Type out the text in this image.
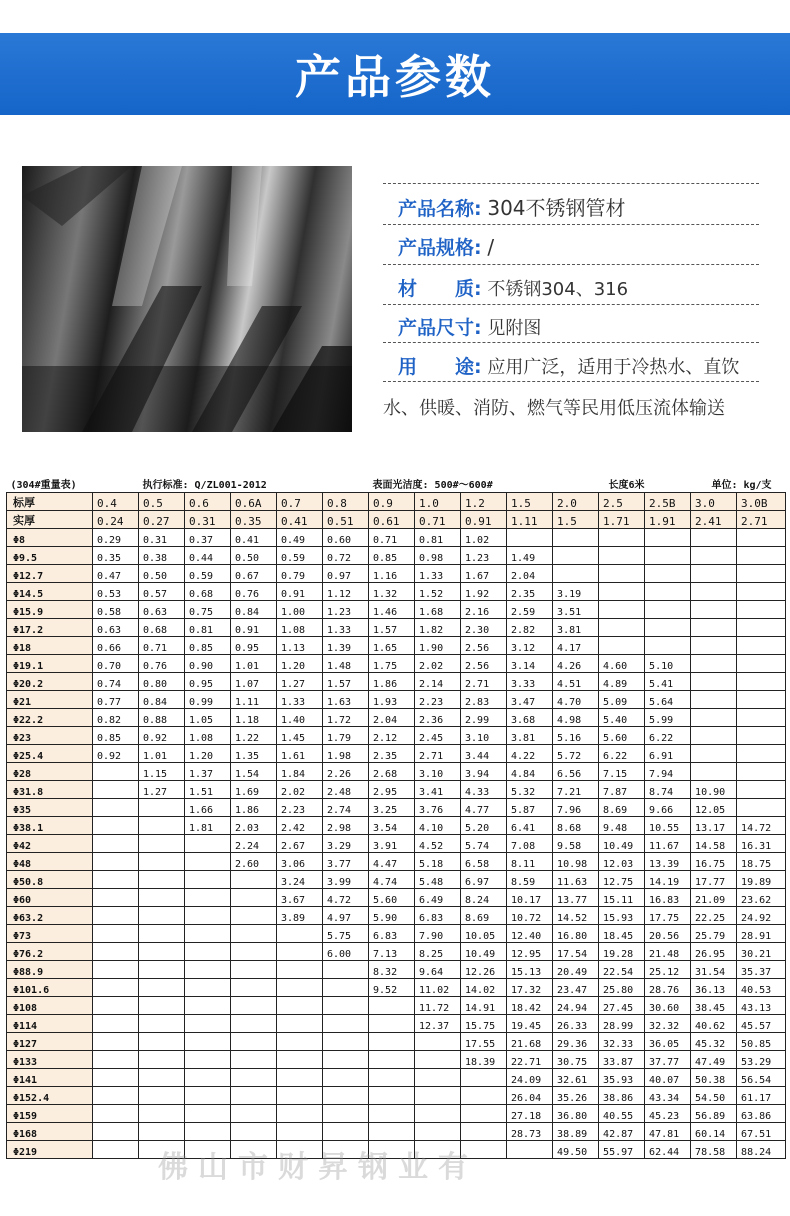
产品参数
产品名称: 304不锈钢管材
产品规格: /
材　　质: 不锈钢304、316
产品尺寸: 见附图
用　　途: 应用广泛，适用于冷热水、直饮
水、供暖、消防、燃气等民用低压流体输送
(304#重量表)		执行标准: Q/ZL001-2012					表面光洁度: 500#～600#				长度6米		单位: kg/支		
标厚	0.4	0.5	0.6	0.6A	0.7	0.8	0.9	1.0	1.2	1.5	2.0	2.5	2.5B	3.0	3.0B
实厚	0.24	0.27	0.31	0.35	0.41	0.51	0.61	0.71	0.91	1.11	1.5	1.71	1.91	2.41	2.71
Φ8	0.29	0.31	0.37	0.41	0.49	0.60	0.71	0.81	1.02						
Φ9.5	0.35	0.38	0.44	0.50	0.59	0.72	0.85	0.98	1.23	1.49					
Φ12.7	0.47	0.50	0.59	0.67	0.79	0.97	1.16	1.33	1.67	2.04					
Φ14.5	0.53	0.57	0.68	0.76	0.91	1.12	1.32	1.52	1.92	2.35	3.19				
Φ15.9	0.58	0.63	0.75	0.84	1.00	1.23	1.46	1.68	2.16	2.59	3.51				
Φ17.2	0.63	0.68	0.81	0.91	1.08	1.33	1.57	1.82	2.30	2.82	3.81				
Φ18	0.66	0.71	0.85	0.95	1.13	1.39	1.65	1.90	2.56	3.12	4.17				
Φ19.1	0.70	0.76	0.90	1.01	1.20	1.48	1.75	2.02	2.56	3.14	4.26	4.60	5.10		
Φ20.2	0.74	0.80	0.95	1.07	1.27	1.57	1.86	2.14	2.71	3.33	4.51	4.89	5.41		
Φ21	0.77	0.84	0.99	1.11	1.33	1.63	1.93	2.23	2.83	3.47	4.70	5.09	5.64		
Φ22.2	0.82	0.88	1.05	1.18	1.40	1.72	2.04	2.36	2.99	3.68	4.98	5.40	5.99		
Φ23	0.85	0.92	1.08	1.22	1.45	1.79	2.12	2.45	3.10	3.81	5.16	5.60	6.22		
Φ25.4	0.92	1.01	1.20	1.35	1.61	1.98	2.35	2.71	3.44	4.22	5.72	6.22	6.91		
Φ28		1.15	1.37	1.54	1.84	2.26	2.68	3.10	3.94	4.84	6.56	7.15	7.94		
Φ31.8		1.27	1.51	1.69	2.02	2.48	2.95	3.41	4.33	5.32	7.21	7.87	8.74	10.90	
Φ35			1.66	1.86	2.23	2.74	3.25	3.76	4.77	5.87	7.96	8.69	9.66	12.05	
Φ38.1			1.81	2.03	2.42	2.98	3.54	4.10	5.20	6.41	8.68	9.48	10.55	13.17	14.72
Φ42				2.24	2.67	3.29	3.91	4.52	5.74	7.08	9.58	10.49	11.67	14.58	16.31
Φ48				2.60	3.06	3.77	4.47	5.18	6.58	8.11	10.98	12.03	13.39	16.75	18.75
Φ50.8					3.24	3.99	4.74	5.48	6.97	8.59	11.63	12.75	14.19	17.77	19.89
Φ60					3.67	4.72	5.60	6.49	8.24	10.17	13.77	15.11	16.83	21.09	23.62
Φ63.2					3.89	4.97	5.90	6.83	8.69	10.72	14.52	15.93	17.75	22.25	24.92
Φ73						5.75	6.83	7.90	10.05	12.40	16.80	18.45	20.56	25.79	28.91
Φ76.2						6.00	7.13	8.25	10.49	12.95	17.54	19.28	21.48	26.95	30.21
Φ88.9							8.32	9.64	12.26	15.13	20.49	22.54	25.12	31.54	35.37
Φ101.6							9.52	11.02	14.02	17.32	23.47	25.80	28.76	36.13	40.53
Φ108								11.72	14.91	18.42	24.94	27.45	30.60	38.45	43.13
Φ114								12.37	15.75	19.45	26.33	28.99	32.32	40.62	45.57
Φ127									17.55	21.68	29.36	32.33	36.05	45.32	50.85
Φ133									18.39	22.71	30.75	33.87	37.77	47.49	53.29
Φ141										24.09	32.61	35.93	40.07	50.38	56.54
Φ152.4										26.04	35.26	38.86	43.34	54.50	61.17
Φ159										27.18	36.80	40.55	45.23	56.89	63.86
Φ168										28.73	38.89	42.87	47.81	60.14	67.51
Φ219											49.50	55.97	62.44	78.58	88.24
佛山市财昇钢业有
